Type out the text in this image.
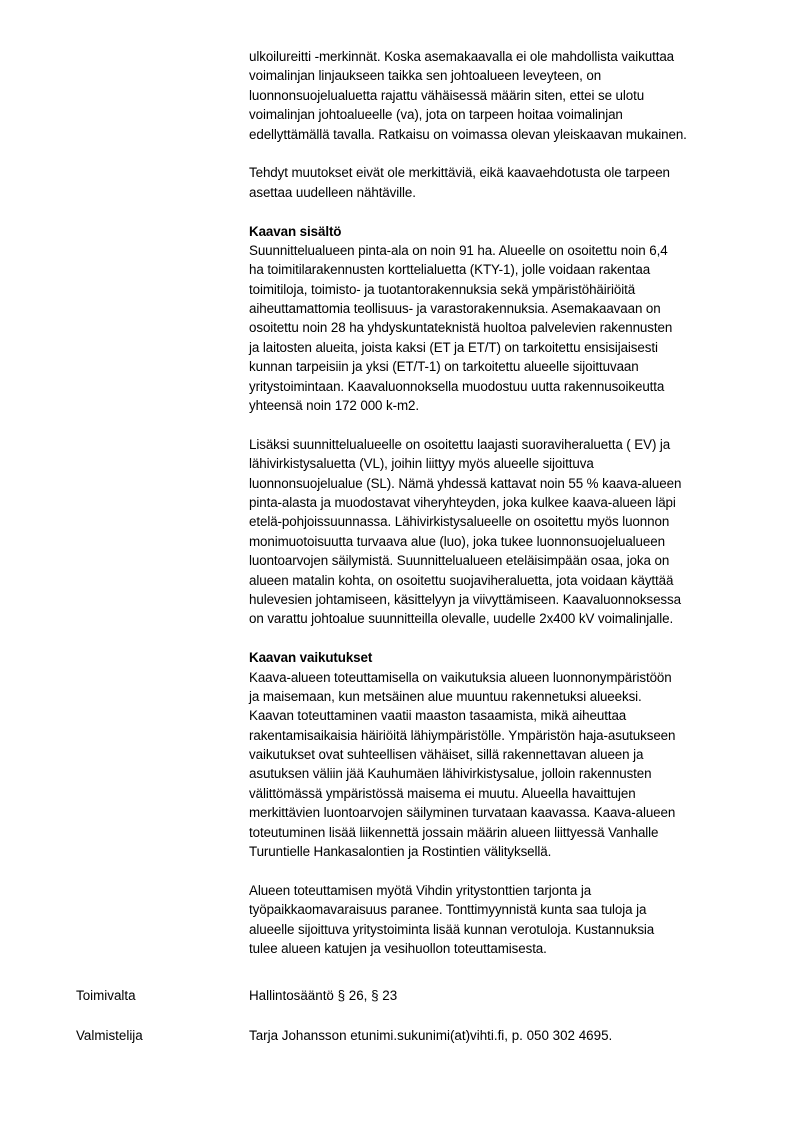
ulkoilureitti -merkinnät. Koska asemakaavalla ei ole mahdollista vaikuttaa
voimalinjan linjaukseen taikka sen johtoalueen leveyteen, on
luonnonsuojelualuetta rajattu vähäisessä määrin siten, ettei se ulotu
voimalinjan johtoalueelle (va), jota on tarpeen hoitaa voimalinjan
edellyttämällä tavalla. Ratkaisu on voimassa olevan yleiskaavan mukainen.
Tehdyt muutokset eivät ole merkittäviä, eikä kaavaehdotusta ole tarpeen
asettaa uudelleen nähtäville.
Kaavan sisältö
Suunnittelualueen pinta-ala on noin 91 ha. Alueelle on osoitettu noin 6,4
ha toimitilarakennusten korttelialuetta (KTY-1), jolle voidaan rakentaa
toimitiloja, toimisto- ja tuotantorakennuksia sekä ympäristöhäiriöitä
aiheuttamattomia teollisuus- ja varastorakennuksia. Asemakaavaan on
osoitettu noin 28 ha yhdyskuntateknistä huoltoa palvelevien rakennusten
ja laitosten alueita, joista kaksi (ET ja ET/T) on tarkoitettu ensisijaisesti
kunnan tarpeisiin ja yksi (ET/T-1) on tarkoitettu alueelle sijoittuvaan
yritystoimintaan. Kaavaluonnoksella muodostuu uutta rakennusoikeutta
yhteensä noin 172 000 k-m2.
Lisäksi suunnittelualueelle on osoitettu laajasti suoraviheraluetta ( EV) ja
lähivirkistysaluetta (VL), joihin liittyy myös alueelle sijoittuva
luonnonsuojelualue (SL). Nämä yhdessä kattavat noin 55 % kaava-alueen
pinta-alasta ja muodostavat viheryhteyden, joka kulkee kaava-alueen läpi
etelä-pohjoissuunnassa. Lähivirkistysalueelle on osoitettu myös luonnon
monimuotoisuutta turvaava alue (luo), joka tukee luonnonsuojelualueen
luontoarvojen säilymistä. Suunnittelualueen eteläisimpään osaa, joka on
alueen matalin kohta, on osoitettu suojaviheraluetta, jota voidaan käyttää
hulevesien johtamiseen, käsittelyyn ja viivyttämiseen. Kaavaluonnoksessa
on varattu johtoalue suunnitteilla olevalle, uudelle 2x400 kV voimalinjalle.
Kaavan vaikutukset
Kaava-alueen toteuttamisella on vaikutuksia alueen luonnonympäristöön
ja maisemaan, kun metsäinen alue muuntuu rakennetuksi alueeksi.
Kaavan toteuttaminen vaatii maaston tasaamista, mikä aiheuttaa
rakentamisaikaisia häiriöitä lähiympäristölle. Ympäristön haja-asutukseen
vaikutukset ovat suhteellisen vähäiset, sillä rakennettavan alueen ja
asutuksen väliin jää Kauhumäen lähivirkistysalue, jolloin rakennusten
välittömässä ympäristössä maisema ei muutu. Alueella havaittujen
merkittävien luontoarvojen säilyminen turvataan kaavassa. Kaava-alueen
toteutuminen lisää liikennettä jossain määrin alueen liittyessä Vanhalle
Turuntielle Hankasalontien ja Rostintien välityksellä.
Alueen toteuttamisen myötä Vihdin yritystonttien tarjonta ja
työpaikkaomavaraisuus paranee. Tonttimyynnistä kunta saa tuloja ja
alueelle sijoittuva yritystoiminta lisää kunnan verotuloja. Kustannuksia
tulee alueen katujen ja vesihuollon toteuttamisesta.
Toimivalta	Hallintosääntö § 26, § 23
Valmistelija	Tarja Johansson etunimi.sukunimi(at)vihti.fi, p. 050 302 4695.
